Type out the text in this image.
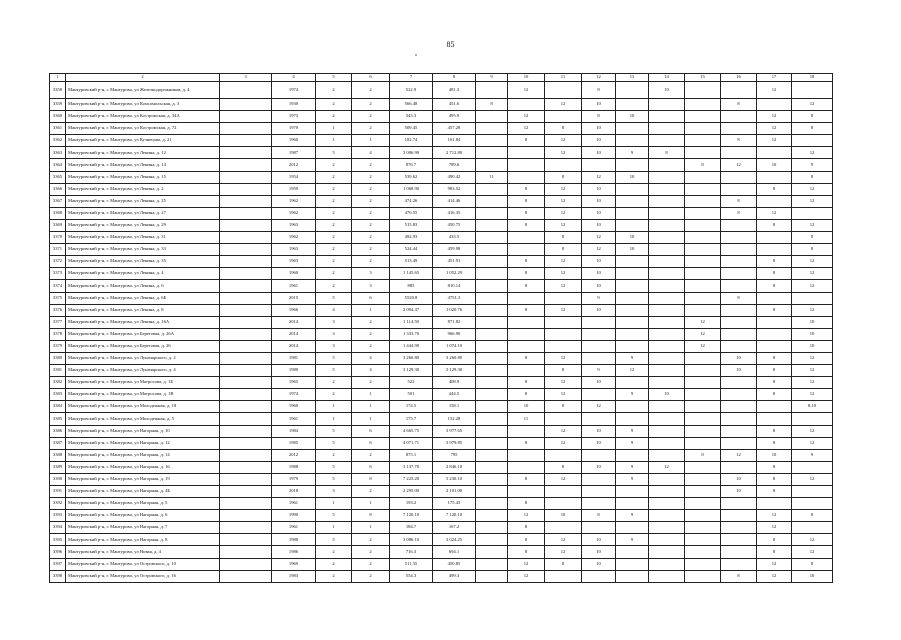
85
1	2	3	4	5	6	7	8	9	10	11	12	13	14	15	16	17	18
3358	Мантуровский р-н, г. Мантурово, ул Железнодорожников, д. 4		1974	2	2	522.9	481.3		12		8		10			12	
3359	Мантуровский р-н, г. Мантурово, ул Комсомольская, д. 3		1930	2	2	566.48	451.6	8		12	10				8		12
3360	Мантуровский р-н, г. Мантурово, ул Костромская, д. 34А		1973	2	2	543.3	495.9		12		8	10				12	8
3361	Мантуровский р-н, г. Мантурово, ул Костромская, д. 72		1970	1	2	509.45	457.28		12	8	10					12	8
3362	Мантуровский р-н, г. Мантурово, ул Кузнецова, д. 21		1960	1	1	182.74	161.84		8	12	10				8	12	
3363	Мантуровский р-н, г. Мантурово, ул Ленина, д. 12		1987	5	4	3 006.90	2 712.80			12	10	9	8				12
3364	Мантуровский р-н, г. Мантурово, ул Ленина, д. 14		2012	2	2	876.7	789.6							8	12	10	9
3365	Мантуровский р-н, г. Мантурово, ул Ленина, д. 15		1954	2	2	539.62	490.42	11		8	12	10					8
3366	Мантуровский р-н, г. Мантурово, ул Ленина, д. 2		1959	2	2	1 068.90	983.52		8	12	10					8	12
3367	Мантуровский р-н, г. Мантурово, ул Ленина, д. 25		1962	2	2	474.26	414.46		8	12	10				8		12
3368	Мантуровский р-н, г. Мантурово, ул Ленина, д. 27		1962	2	2	476.55	416.35		8	12	10				8	12	
3369	Мантуровский р-н, г. Мантурово, ул Ленина, д. 29		1963	2	2	515.83	450.75		8	12	10					8	12
3370	Мантуровский р-н, г. Мантурово, ул Ленина, д. 31		1962	2	2	492.93	433.5			8	12	10					8
3371	Мантуровский р-н, г. Мантурово, ул Ленина, д. 33		1963	2	2	524.44	459.98			8	12	10					8
3372	Мантуровский р-н, г. Мантурово, ул Ленина, д. 35		1963	2	2	513.49	451.91		8	12	10					8	12
3373	Мантуровский р-н, г. Мантурово, ул Ленина, д. 4		1960	2	3	1 145.65	1 052.29		8	12	10					8	12
3374	Мантуровский р-н, г. Мантурово, ул Ленина, д. 6		1961	2	3	885	810.14		8	12	10					8	12
3375	Мантуровский р-н, г. Мантурово, ул Ленина, д. 6Б		2015	5	6	5520.8	4751.3				9				8		
3376	Мантуровский р-н, г. Мантурово, ул Ленина, д. 8		1966	4	1	2 094.47	1 020.76		8	12	10					8	12
3377	Мантуровский р-н, г. Мантурово, ул Ленина, д. 16А		2014	3	2	1 114.50	871.82							12			10
3378	Мантуровский р-н, г. Мантурово, ул Береговая, д. 26А		2014	3	2	1 333.70	966.90							12			10
3379	Мантуровский р-н, г. Мантурово, ул Береговая, д. 26		2014	3	2	1 444.90	1 074.10							12			10
3380	Мантуровский р-н, г. Мантурово, ул Луначарского, д. 2		1981	5	4	3 260.80	3 260.80		8	12		9			10	8	12
3381	Мантуровский р-н, г. Мантурово, ул Луначарского, д. 4		1980	5	4	3 129.30	3 129.30			8	9	12			10	8	12
3382	Мантуровский р-н, г. Мантурово, ул Матросова, д. 1Б		1965	2	2	522	408.9		8	12	10					8	12
3383	Мантуровский р-н, г. Мантурово, ул Матросова, д. 1В		1974	2	1	501	444.5		8	12		9	10			8	12
3384	Мантуровский р-н, г. Мантурово, ул Молодежная, д. 18		1960	1	1	174.5	158.1		10	8	12						8;10
3385	Мантуровский р-н, г. Мантурово, ул Молодежная, д. 5		1961	1	1	175.7	152.28		11								
3386	Мантуровский р-н, г. Мантурово, ул Нагорная, д. 10		1984	5	6	4 665.75	3 977.65			12	10	9				8	12
3387	Мантуровский р-н, г. Мантурово, ул Нагорная, д. 12		1985	5	6	4 071.71	3 979.85		8	12	10	9				8	12
3388	Мантуровский р-н, г. Мантурово, ул Нагорная, д. 14		2012	2	2	875.1	795							8	12	10	9
3389	Мантуровский р-н, г. Мантурово, ул Нагорная, д. 16		1988	5	6	3 137.70	2 846.10			8	10	9	12			8	
3390	Мантуровский р-н, г. Мантурово, ул Нагорная, д. 19		1979	5	8	7 225.20	5 230.10		8	12		9			10	8	12
3391	Мантуровский р-н, г. Мантурово, ул Нагорная, д. 4Б		2018	3	2	2 295.00	2 101.00								10	8	
3392	Мантуровский р-н, г. Мантурово, ул Нагорная, д. 5		1961	1	1	193.2	175.43		8								
3393	Мантуровский р-н, г. Мантурово, ул Нагорная, д. 6		1990	5	8	7 120.10	7 120.10		12	10	8	9				12	8
3394	Мантуровский р-н, г. Мантурово, ул Нагорная, д. 7		1961	1	1	184.7	167.2		8							12	
3395	Мантуровский р-н, г. Мантурово, ул Нагорная, д. 8		1988	5	2	3 086.10	3 024.25		8	12	10	9				8	12
3396	Мантуровский р-н, г. Мантурово, ул Новая, д. 4		1986	2	2	716.3	694.1		8	12	10					8	12
3397	Мантуровский р-н, г. Мантурово, ул Островского, д. 10		1969	2	2	511.35	450.85		12	8	10					12	8
3398	Мантуровский р-н, г. Мантурово, ул Островского, д. 16		1983	2	2	554.3	499.3		12						8	12	10
